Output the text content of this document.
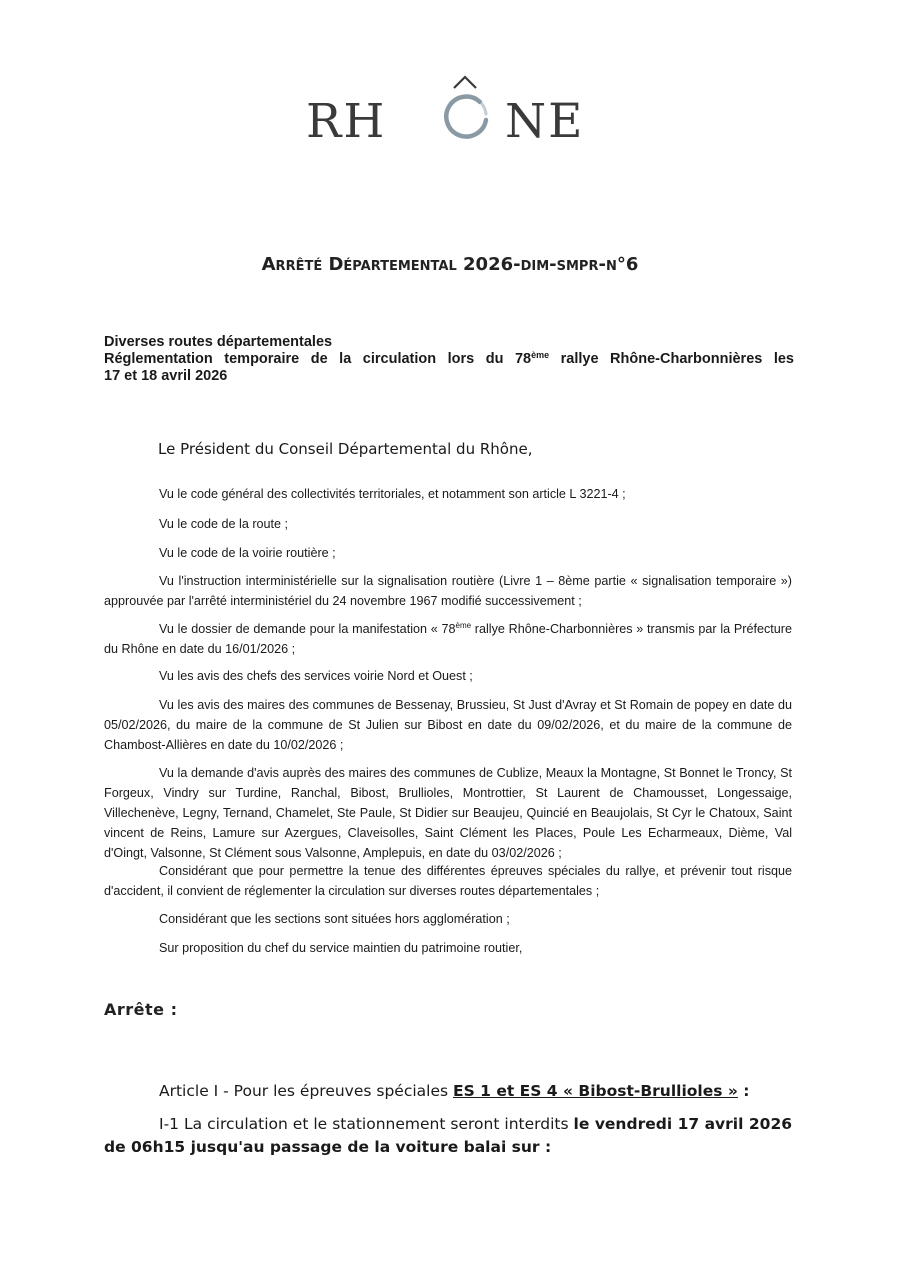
RH	NE
Arrêté Départemental 2026-dim-smpr-n°6
Diverses routes départementales
Réglementation temporaire de la circulation lors du 78ème rallye Rhône-Charbonnières les
17 et 18 avril 2026
Le Président du Conseil Départemental du Rhône,
Vu le code général des collectivités territoriales, et notamment son article L 3221-4 ;
Vu le code de la route ;
Vu le code de la voirie routière ;
Vu l'instruction interministérielle sur la signalisation routière (Livre 1 – 8ème partie « signalisation temporaire ») approuvée par l'arrêté interministériel du 24 novembre 1967 modifié successivement ;
Vu le dossier de demande pour la manifestation « 78ème rallye Rhône-Charbonnières » transmis par la Préfecture du Rhône en date du 16/01/2026 ;
Vu les avis des chefs des services voirie Nord et Ouest ;
Vu les avis des maires des communes de Bessenay, Brussieu, St Just d'Avray et St Romain de popey en date du 05/02/2026, du maire de la commune de St Julien sur Bibost en date du 09/02/2026, et du maire de la commune de Chambost-Allières en date du 10/02/2026 ;
Vu la demande d'avis auprès des maires des communes de Cublize, Meaux la Montagne, St Bonnet le Troncy, St Forgeux, Vindry sur Turdine, Ranchal, Bibost, Brullioles, Montrottier, St Laurent de Chamousset, Longessaige, Villechenève, Legny, Ternand, Chamelet, Ste Paule, St Didier sur Beaujeu, Quincié en Beaujolais, St Cyr le Chatoux, Saint vincent de Reins, Lamure sur Azergues, Claveisolles, Saint Clément les Places, Poule Les Echarmeaux, Dième, Val d'Oingt, Valsonne, St Clément sous Valsonne, Amplepuis, en date du 03/02/2026 ;
Considérant que pour permettre la tenue des différentes épreuves spéciales du rallye, et prévenir tout risque d'accident, il convient de réglementer la circulation sur diverses routes départementales ;
Considérant que les sections sont situées hors agglomération ;
Sur proposition du chef du service maintien du patrimoine routier,
Arrête :
Article I - Pour les épreuves spéciales ES 1 et ES 4 « Bibost-Brullioles » :
I-1 La circulation et le stationnement seront interdits le vendredi 17 avril 2026 de 06h15 jusqu'au passage de la voiture balai sur :
